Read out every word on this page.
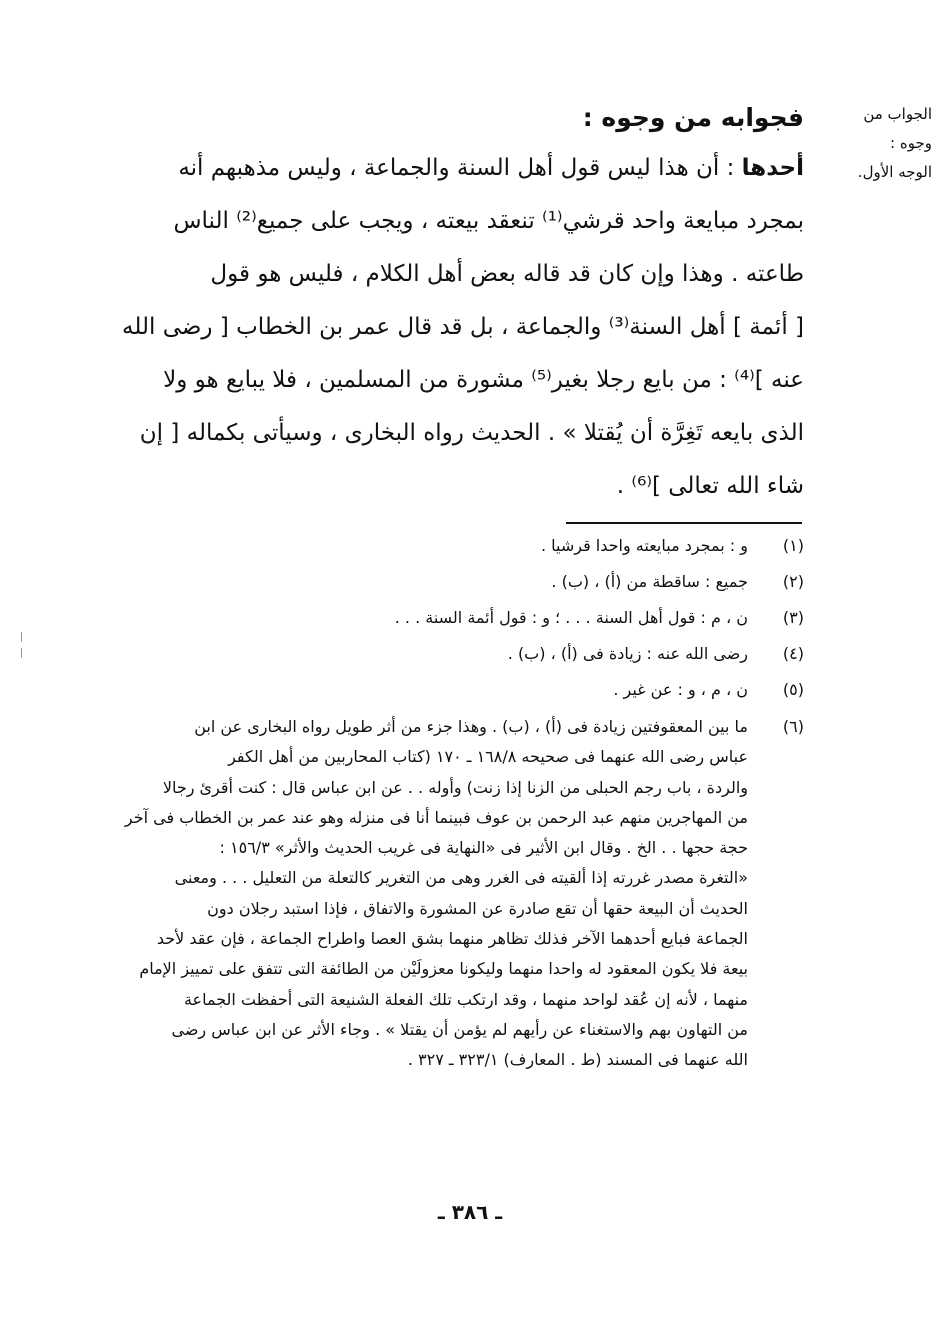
الجواب من
وجوه :
الوجه الأول.
فجوابه من وجوه :

أحدها : أن هذا ليس قول أهل السنة والجماعة ، وليس مذهبهم أنه

بمجرد مبايعة واحد قرشي⁽¹⁾ تنعقد بيعته ، ويجب على جميع⁽²⁾ الناس

طاعته . وهذا وإن كان قد قاله بعض أهل الكلام ، فليس هو قول

[ أئمة ] أهل السنة⁽³⁾ والجماعة ، بل قد قال عمر بن الخطاب [ رضى الله

عنه ]⁽⁴⁾ : من بايع رجلا بغير⁽⁵⁾ مشورة من المسلمين ، فلا يبايع هو ولا

الذى بايعه تَغِرَّة أن يُقتلا » . الحديث رواه البخارى ، وسيأتى بكماله [ إن

شاء الله تعالى ]⁽⁶⁾ .

(١)
و : بمجرد مبايعته واحدا قرشيا .
(٢)
جميع : ساقطة من (أ) ، (ب) .
(٣)
ن ، م : قول أهل السنة . . . ؛ و : قول أئمة السنة . . .
(٤)
رضى الله عنه : زيادة فى (أ) ، (ب) .
(٥)
ن ، م ، و : عن غير .
(٦)

ما بين المعقوفتين زيادة فى (أ) ، (ب) . وهذا جزء من أثر طويل رواه البخارى عن ابن

عباس رضى الله عنهما فى صحيحه ١٦٨/٨ ـ ١٧٠ (كتاب المحاربين من أهل الكفر

والردة ، باب رجم الحبلى من الزنا إذا زنت) وأوله . . عن ابن عباس قال : كنت أقرئ رجالا

من المهاجرين منهم عبد الرحمن بن عوف فبينما أنا فى منزله وهو عند عمر بن الخطاب فى آخر

حجة حجها . . الخ . وقال ابن الأثير فى «النهاية فى غريب الحديث والأثر» ١٥٦/٣ :

«التغرة مصدر غررته إذا ألقيته فى الغرر وهى من التغرير كالتعلة من التعليل . . . ومعنى

الحديث أن البيعة حقها أن تقع صادرة عن المشورة والاتفاق ، فإذا استبد رجلان دون

الجماعة فبايع أحدهما الآخر فذلك تظاهر منهما بشق العصا واطراح الجماعة ، فإن عقد لأحد

بيعة فلا يكون المعقود له واحدا منهما وليكونا معزولَيْن من الطائفة التى تتفق على تمييز الإمام

منهما ، لأنه إن عُقد لواحد منهما ، وقد ارتكب تلك الفعلة الشنيعة التى أحفظت الجماعة

من التهاون بهم والاستغناء عن رأيهم لم يؤمن أن يقتلا » . وجاء الأثر عن ابن عباس رضى

الله عنهما فى المسند (ط . المعارف) ٣٢٣/١ ـ ٣٢٧ .

ـ ٣٨٦ ـ
